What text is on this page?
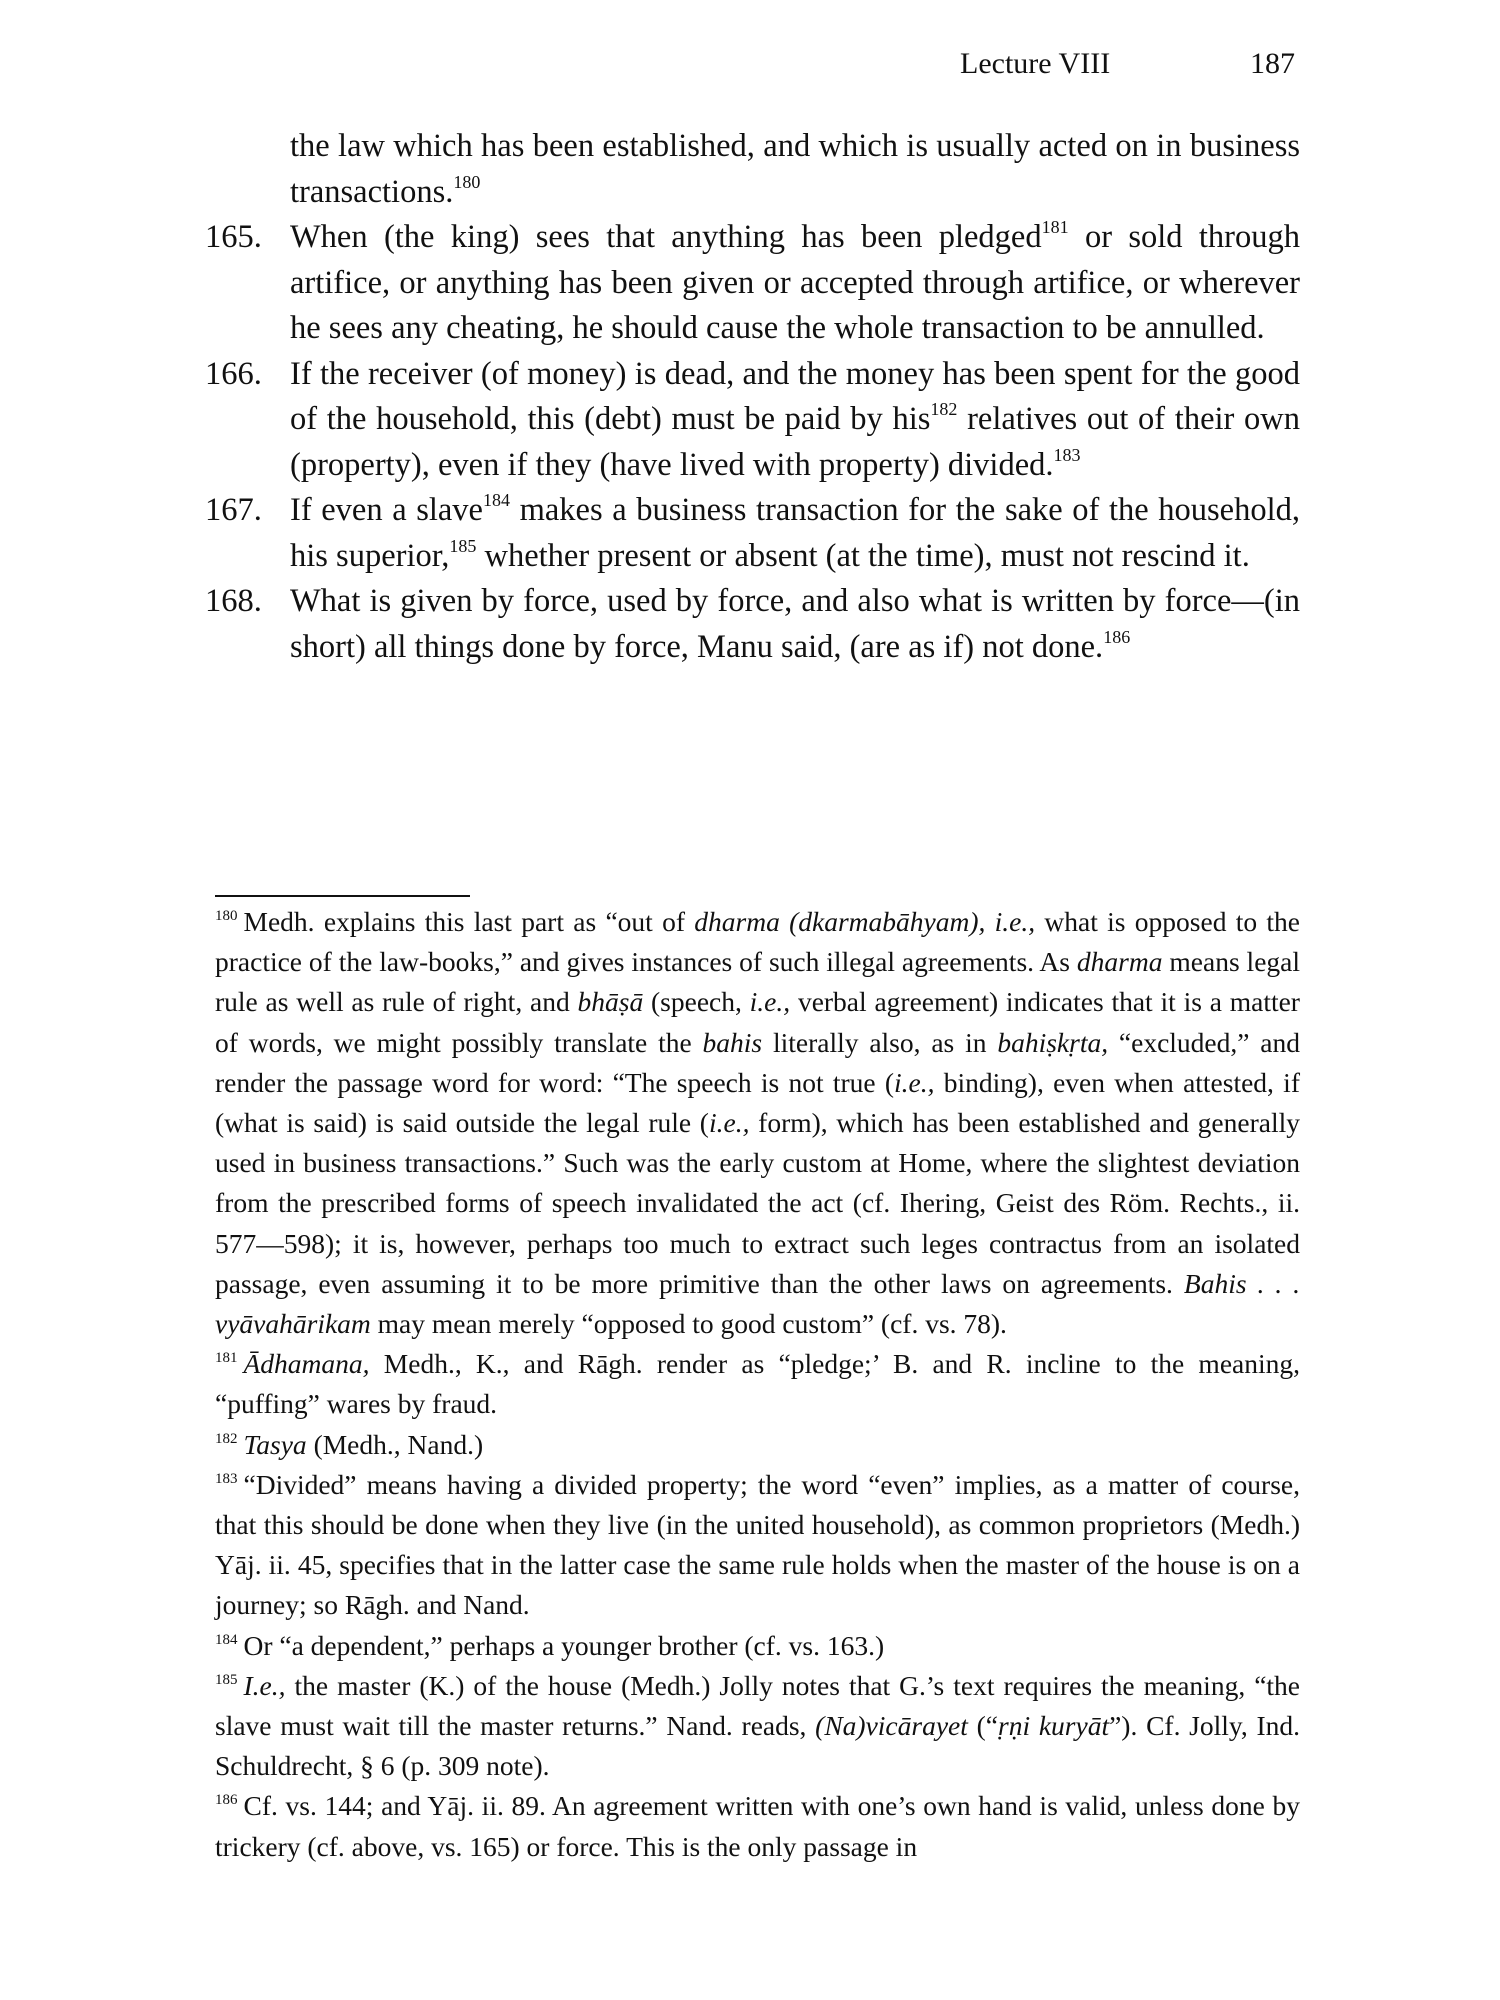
Lecture VIII	187

the law which has been established, and which is usually acted on in business transactions.$^{180}$

165. When (the king) sees that anything has been pledged$^{181}$ or sold through artifice, or anything has been given or accepted through artifice, or wherever he sees any cheating, he should cause the whole transaction to be annulled.

166. If the receiver (of money) is dead, and the money has been spent for the good of the household, this (debt) must be paid by his$^{182}$ relatives out of their own (property), even if they (have lived with property) divided.$^{183}$

167. If even a slave$^{184}$ makes a business transaction for the sake of the household, his superior,$^{185}$ whether present or absent (at the time), must not rescind it.

168. What is given by force, used by force, and also what is written by force—(in short) all things done by force, Manu said, (are as if) not done.$^{186}$

$^{180}$ Medh. explains this last part as “out of dharma (dkarmabāhyam), i.e., what is opposed to the practice of the law-books,” and gives instances of such illegal agreements. As dharma means legal rule as well as rule of right, and bhāṣā (speech, i.e., verbal agreement) indicates that it is a matter of words, we might possibly translate the bahis literally also, as in bahiṣkṛta, “excluded,” and render the passage word for word: “The speech is not true (i.e., binding), even when attested, if (what is said) is said outside the legal rule (i.e., form), which has been established and generally used in business transactions.” Such was the early custom at Home, where the slightest deviation from the prescribed forms of speech invalidated the act (cf. Ihering, Geist des Röm. Rechts., ii. 577—598); it is, however, perhaps too much to extract such leges contractus from an isolated passage, even assuming it to be more primitive than the other laws on agreements. Bahis . . . vyāvahārikam may mean merely “opposed to good custom” (cf. vs. 78).

$^{181}$ Ādhamana, Medh., K., and Rāgh. render as “pledge;’ B. and R. incline to the meaning, “puffing” wares by fraud.

$^{182}$ Tasya (Medh., Nand.)

$^{183}$ “Divided” means having a divided property; the word “even” implies, as a matter of course, that this should be done when they live (in the united household), as common proprietors (Medh.) Yāj. ii. 45, specifies that in the latter case the same rule holds when the master of the house is on a journey; so Rāgh. and Nand.

$^{184}$ Or “a dependent,” perhaps a younger brother (cf. vs. 163.)

$^{185}$ I.e., the master (K.) of the house (Medh.) Jolly notes that G.’s text requires the meaning, “the slave must wait till the master returns.” Nand. reads, (Na)vicārayet (“ṛṇi kuryāt”). Cf. Jolly, Ind. Schuldrecht, § 6 (p. 309 note).

$^{186}$ Cf. vs. 144; and Yāj. ii. 89. An agreement written with one’s own hand is valid, unless done by trickery (cf. above, vs. 165) or force. This is the only passage in
